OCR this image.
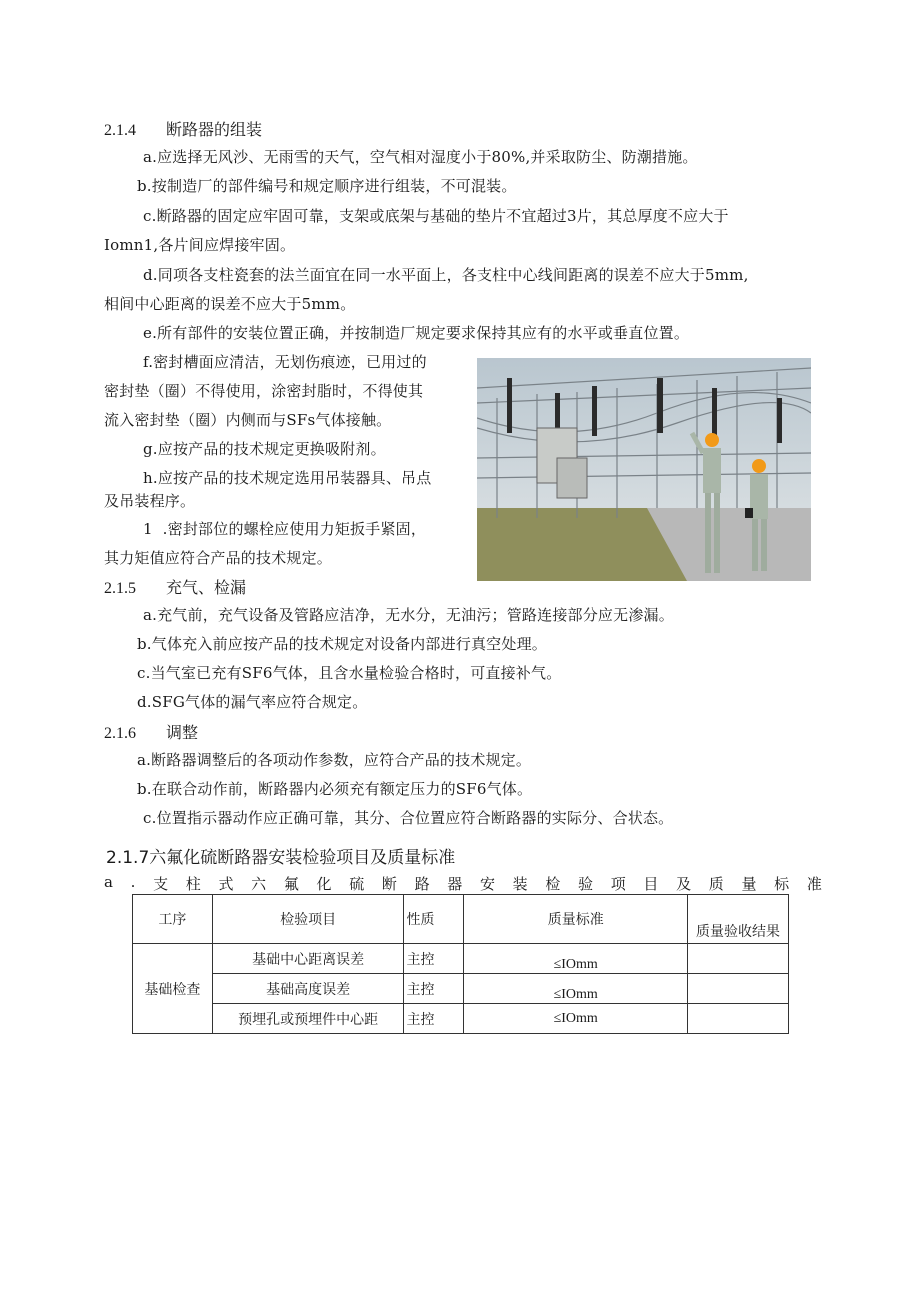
2.1.4 断路器的组装
a.应选择无风沙、无雨雪的天气，空气相对湿度小于80%,并采取防尘、防潮措施。
b.按制造厂的部件编号和规定顺序进行组装，不可混装。
c.断路器的固定应牢固可靠，支架或底架与基础的垫片不宜超过3片，其总厚度不应大于
Iomn1,各片间应焊接牢固。
d.同项各支柱瓷套的法兰面宜在同一水平面上，各支柱中心线间距离的误差不应大于5mm,
相间中心距离的误差不应大于5mm。
e.所有部件的安装位置正确，并按制造厂规定要求保持其应有的水平或垂直位置。
f.密封槽面应清洁，无划伤痕迹，已用过的
密封垫（圈）不得使用，涂密封脂时，不得使其
流入密封垫（圈）内侧而与SFs气体接触。
g.应按产品的技术规定更换吸附剂。
h.应按产品的技术规定选用吊装器具、吊点
及吊装程序。
1  .密封部位的螺栓应使用力矩扳手紧固，
其力矩值应符合产品的技术规定。
2.1.5 充气、检漏
a.充气前，充气设备及管路应洁净，无水分，无油污；管路连接部分应无渗漏。
b.气体充入前应按产品的技术规定对设备内部进行真空处理。
c.当气室已充有SF6气体，且含水量检验合格时，可直接补气。
d.SFG气体的漏气率应符合规定。
2.1.6 调整
a.断路器调整后的各项动作参数，应符合产品的技术规定。
b.在联合动作前，断路器内必须充有额定压力的SF6气体。
c.位置指示器动作应正确可靠，其分、合位置应符合断路器的实际分、合状态。
2.1.7六氟化硫断路器安装检验项目及质量标准
a . 支 柱 式 六 氟 化 硫 断 路 器 安 装 检 验 项 目 及 质 量 标 准
工序	检验项目	性质	质量标准	质量验收结果
基础检查	基础中心距离误差	主控	≤IOmm	
	基础高度误差	主控	≤IOmm	
	预埋孔或预埋件中心距	主控	≤IOmm	
